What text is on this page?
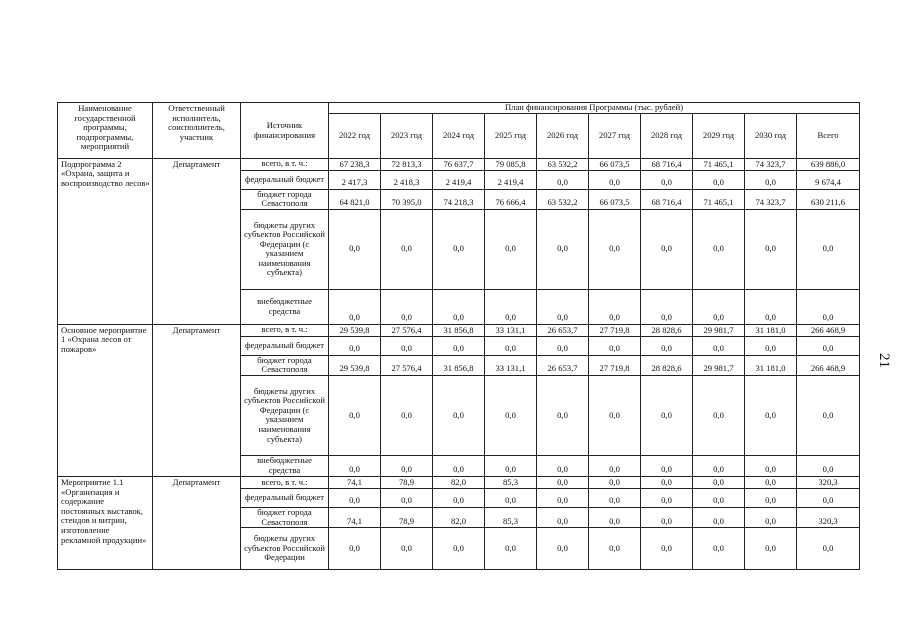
Наименование государственной программы, подпрограммы, мероприятий	Ответственный исполнитель, соисполнитель, участник	Источник финансирования	План финансирования Программы (тыс. рублей)									
			2022 год	2023 год	2024 год	2025 год	2026 год	2027 год	2028 год	2029 год	2030 год	Всего
Подпрограмма 2 «Охрана, защита и воспроизводство лесов»	Департамент	всего, в т. ч.:	67 238,3	72 813,3	76 637,7	79 085,8	63 532,2	66 073,5	68 716,4	71 465,1	74 323,7	639 886,0
		федеральный бюджет	2 417,3	2 418,3	2 419,4	2 419,4	0,0	0,0	0,0	0,0	0,0	9 674,4
		бюджет города Севастополя	64 821,0	70 395,0	74 218,3	76 666,4	63 532,2	66 073,5	68 716,4	71 465,1	74 323,7	630 211,6
		бюджеты других субъектов Российской Федерации (с указанием наименования субъекта)	0,0	0,0	0,0	0,0	0,0	0,0	0,0	0,0	0,0	0,0
		внебюджетные средства	0,0	0,0	0,0	0,0	0,0	0,0	0,0	0,0	0,0	0,0
Основное мероприятие 1 «Охрана лесов от пожаров»	Департамент	всего, в т. ч.:	29 539,8	27 576,4	31 856,8	33 131,1	26 653,7	27 719,8	28 828,6	29 981,7	31 181,0	266 468,9
		федеральный бюджет	0,0	0,0	0,0	0,0	0,0	0,0	0,0	0,0	0,0	0,0
		бюджет города Севастополя	29 539,8	27 576,4	31 856,8	33 131,1	26 653,7	27 719,8	28 828,6	29 981,7	31 181,0	266 468,9
		бюджеты других субъектов Российской Федерации (с указанием наименования субъекта)	0,0	0,0	0,0	0,0	0,0	0,0	0,0	0,0	0,0	0,0
		внебюджетные средства	0,0	0,0	0,0	0,0	0,0	0,0	0,0	0,0	0,0	0,0
Мероприятие 1.1 «Организация и содержание постоянных выставок, стендов и витрин, изготовление рекламной продукции»	Департамент	всего, в т. ч.:	74,1	78,9	82,0	85,3	0,0	0,0	0,0	0,0	0,0	320,3
		федеральный бюджет	0,0	0,0	0,0	0,0	0,0	0,0	0,0	0,0	0,0	0,0
		бюджет города Севастополя	74,1	78,9	82,0	85,3	0,0	0,0	0,0	0,0	0,0	320,3
		бюджеты других субъектов Российской Федерации	0,0	0,0	0,0	0,0	0,0	0,0	0,0	0,0	0,0	0,0
21
